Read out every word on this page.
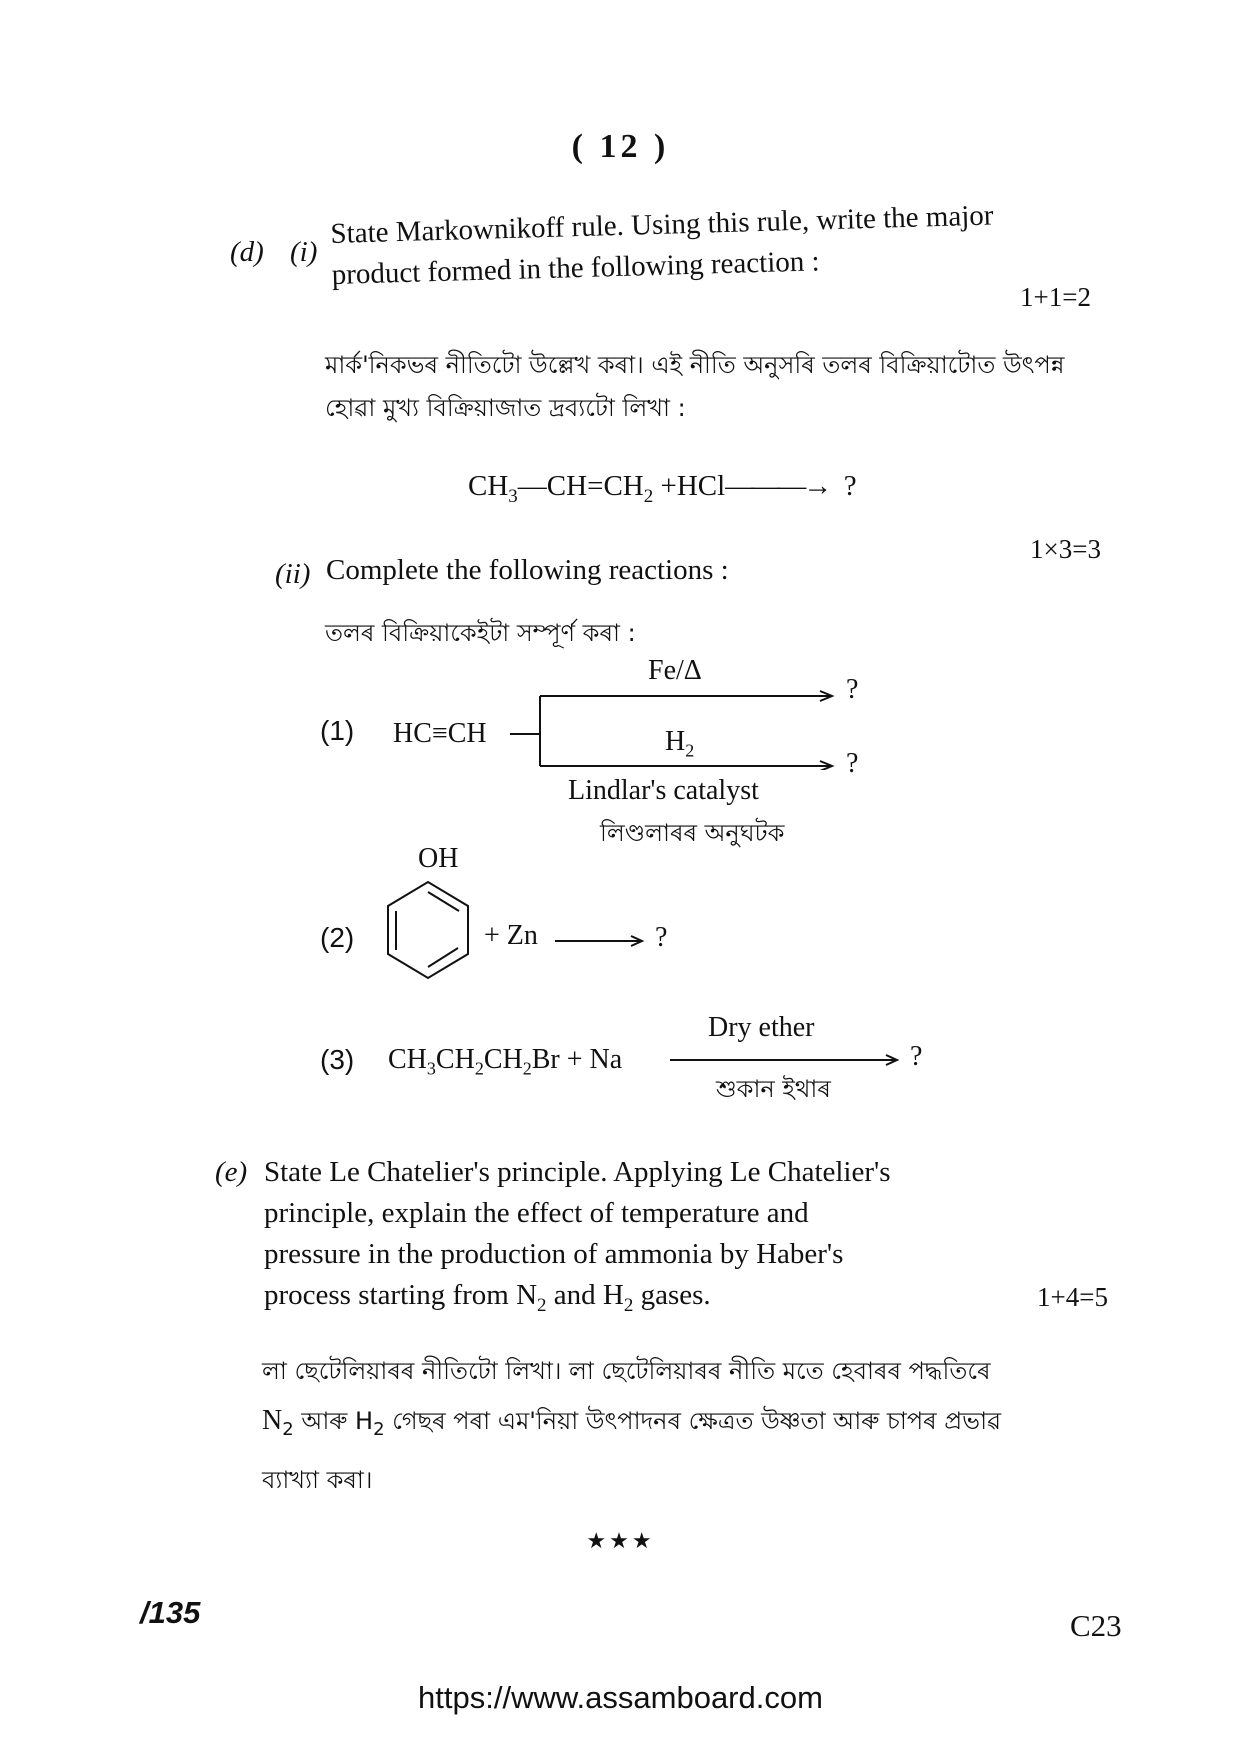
( 12 )
(d) (i)
State Markownikoff rule. Using this rule, write the major product formed in the following reaction :
1+1=2
মাৰ্ক'নিকভৰ নীতিটো উল্লেখ কৰা। এই নীতি অনুসৰি তলৰ বিক্ৰিয়াটোত উৎপন্ন হোৱা মুখ্য বিক্ৰিয়াজাত দ্ৰব্যটো লিখা :
$CH_3—CH=CH_2$ +HCl———→ ?
(ii) Complete the following reactions :
1×3=3
তলৰ বিক্ৰিয়াকেইটা সম্পূৰ্ণ কৰা :
(1) HC≡CH
Fe/Δ
?
$H_2$	?
Lindlar's catalyst
লিণ্ডলাৰৰ অনুঘটক
(2)
OH
+ Zn	?
(3) $CH_3CH_2CH_2Br + Na$
Dry ether
শুকান ইথাৰ
?
(e) State Le Chatelier's principle. Applying Le Chatelier's
principle, explain the effect of temperature and
pressure in the production of ammonia by Haber's
process starting from $N_2$ and $H_2$ gases.	1+4=5
লা ছেটেলিয়াৰৰ নীতিটো লিখা। লা ছেটেলিয়াৰৰ নীতি মতে হেবাৰৰ পদ্ধতিৰে
$N_2$ আৰু $H_2$ গেছৰ পৰা এম'নিয়া উৎপাদনৰ ক্ষেত্ৰত উষ্ণতা আৰু চাপৰ প্ৰভাৱ
ব্যাখ্যা কৰা।
★★★
/135	C23
https://www.assamboard.com
